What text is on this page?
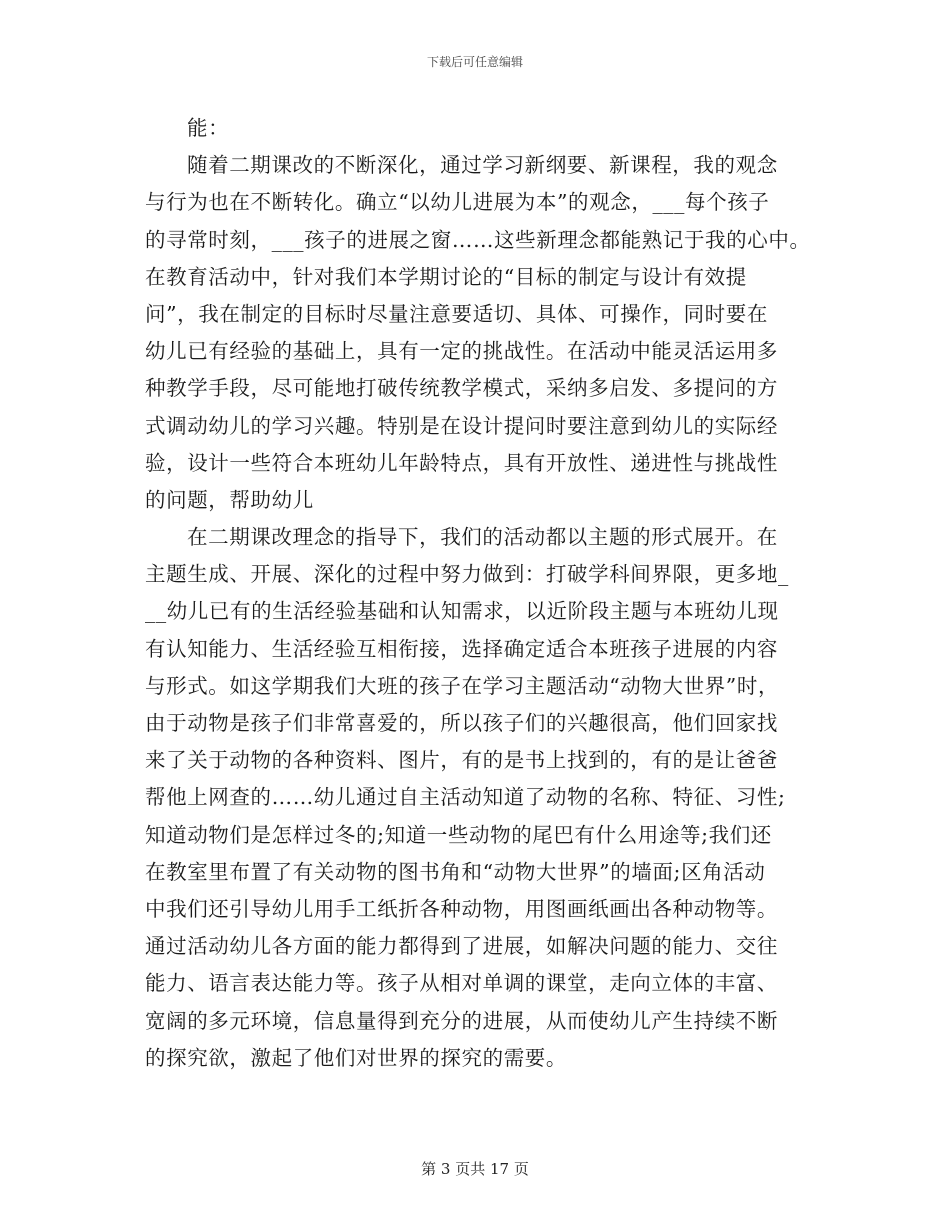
下载后可任意编辑
能：
随着二期课改的不断深化，通过学习新纲要、新课程，我的观念
与行为也在不断转化。确立“以幼儿进展为本”的观念，___每个孩子
的寻常时刻，___孩子的进展之窗……这些新理念都能熟记于我的心中。
在教育活动中，针对我们本学期讨论的“目标的制定与设计有效提
问”，我在制定的目标时尽量注意要适切、具体、可操作，同时要在
幼儿已有经验的基础上，具有一定的挑战性。在活动中能灵活运用多
种教学手段，尽可能地打破传统教学模式，采纳多启发、多提问的方
式调动幼儿的学习兴趣。特别是在设计提问时要注意到幼儿的实际经
验，设计一些符合本班幼儿年龄特点，具有开放性、递进性与挑战性
的问题，帮助幼儿
在二期课改理念的指导下，我们的活动都以主题的形式展开。在
主题生成、开展、深化的过程中努力做到：打破学科间界限，更多地_
__幼儿已有的生活经验基础和认知需求，以近阶段主题与本班幼儿现
有认知能力、生活经验互相衔接，选择确定适合本班孩子进展的内容
与形式。如这学期我们大班的孩子在学习主题活动“动物大世界”时，
由于动物是孩子们非常喜爱的，所以孩子们的兴趣很高，他们回家找
来了关于动物的各种资料、图片，有的是书上找到的，有的是让爸爸
帮他上网查的……幼儿通过自主活动知道了动物的名称、特征、习性;
知道动物们是怎样过冬的;知道一些动物的尾巴有什么用途等;我们还
在教室里布置了有关动物的图书角和“动物大世界”的墙面;区角活动
中我们还引导幼儿用手工纸折各种动物，用图画纸画出各种动物等。
通过活动幼儿各方面的能力都得到了进展，如解决问题的能力、交往
能力、语言表达能力等。孩子从相对单调的课堂，走向立体的丰富、
宽阔的多元环境，信息量得到充分的进展，从而使幼儿产生持续不断
的探究欲，激起了他们对世界的探究的需要。
第 3 页共 17 页
